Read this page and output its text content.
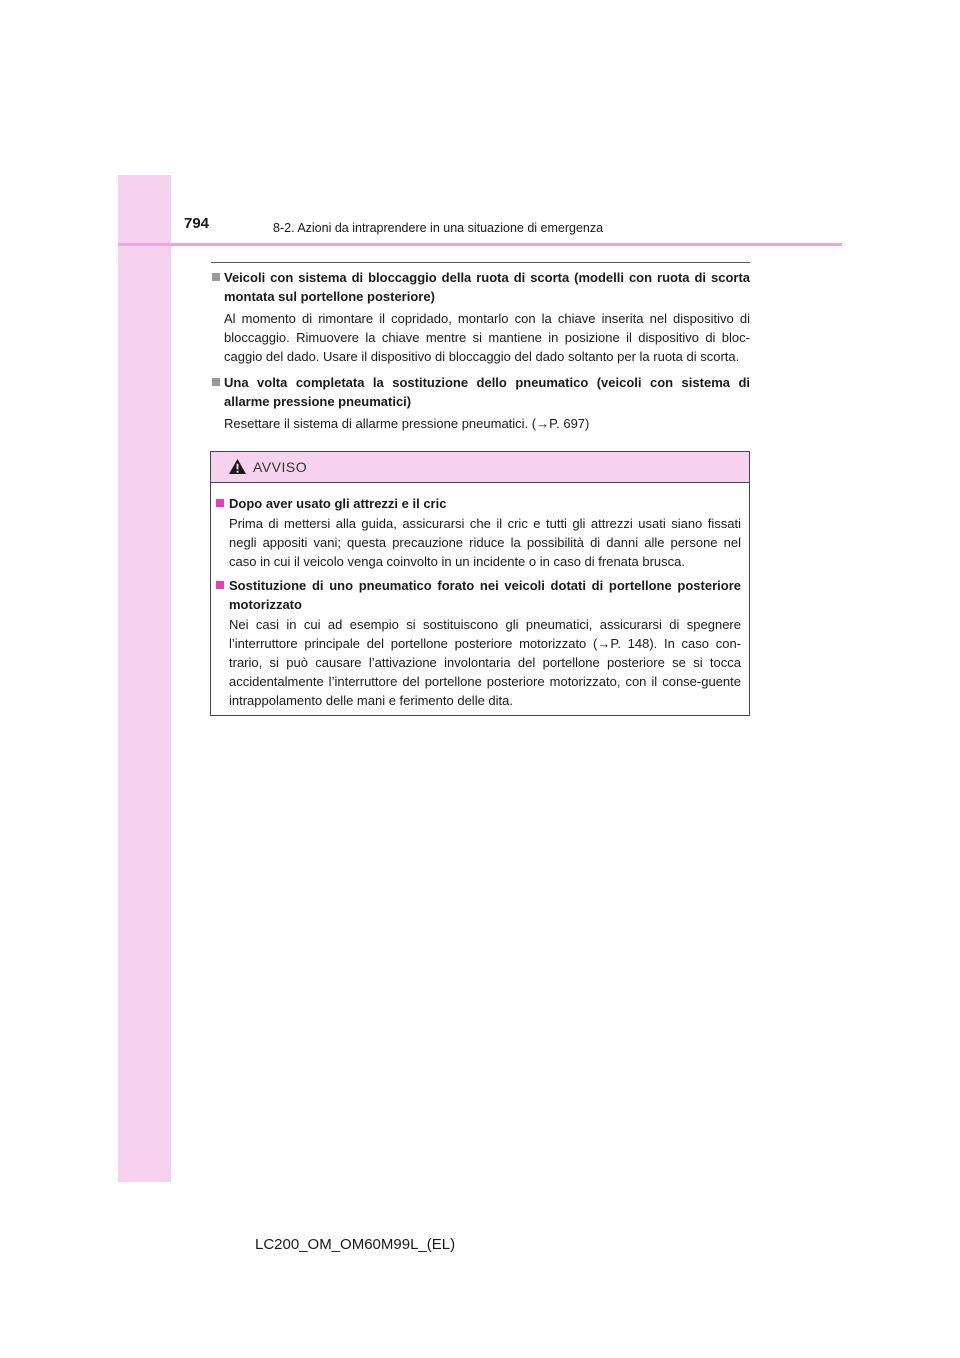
794	8-2. Azioni da intraprendere in una situazione di emergenza
Veicoli con sistema di bloccaggio della ruota di scorta (modelli con ruota di scorta montata sul portellone posteriore)
Al momento di rimontare il copridado, montarlo con la chiave inserita nel dispositivo di bloccaggio. Rimuovere la chiave mentre si mantiene in posizione il dispositivo di bloc-caggio del dado. Usare il dispositivo di bloccaggio del dado soltanto per la ruota di scorta.
Una volta completata la sostituzione dello pneumatico (veicoli con sistema di allarme pressione pneumatici)
Resettare il sistema di allarme pressione pneumatici. (→P. 697)
AVVISO
Dopo aver usato gli attrezzi e il cric
Prima di mettersi alla guida, assicurarsi che il cric e tutti gli attrezzi usati siano fissati negli appositi vani; questa precauzione riduce la possibilità di danni alle persone nel caso in cui il veicolo venga coinvolto in un incidente o in caso di frenata brusca.
Sostituzione di uno pneumatico forato nei veicoli dotati di portellone posteriore motorizzato
Nei casi in cui ad esempio si sostituiscono gli pneumatici, assicurarsi di spegnere l’interruttore principale del portellone posteriore motorizzato (→P. 148). In caso con-trario, si può causare l’attivazione involontaria del portellone posteriore se si tocca accidentalmente l’interruttore del portellone posteriore motorizzato, con il conse-guente intrappolamento delle mani e ferimento delle dita.
LC200_OM_OM60M99L_(EL)
